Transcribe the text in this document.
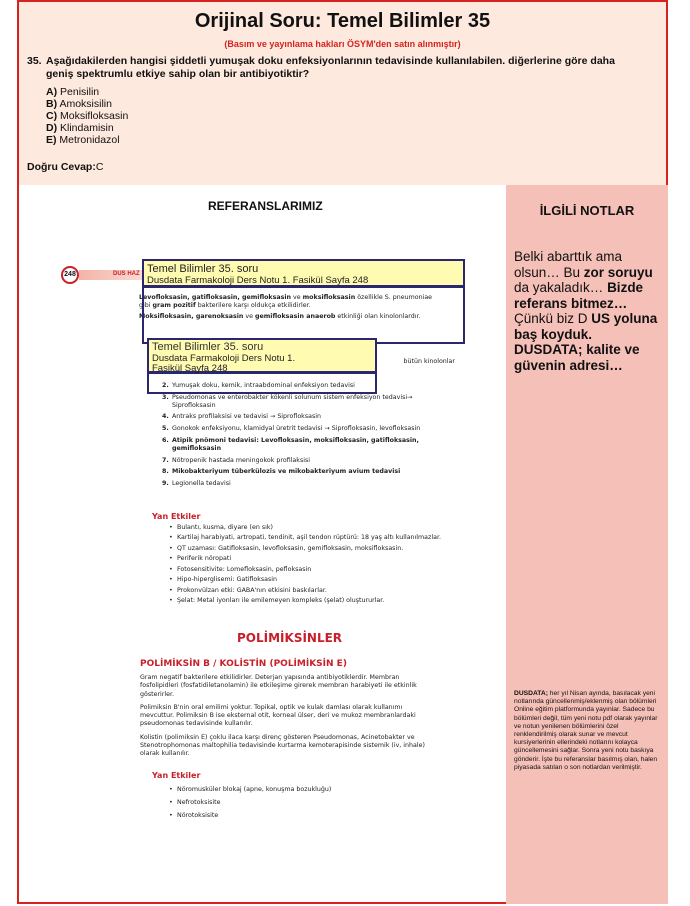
Orijinal Soru: Temel Bilimler 35
(Basım ve yayınlama hakları ÖSYM'den satın alınmıştır)
35. Aşağıdakilerden hangisi şiddetli yumuşak doku enfeksiyonlarının tedavisinde kullanılabilen. diğerlerine göre daha geniş spektrumlu etkiye sahip olan bir antibiyotiktir?
A) Penisilin
B) Amoksisilin
C) Moksifloksasin
D) Klindamisin
E) Metronidazol
Doğru Cevap:C
REFERANSLARIMIZ
DUS HAZ
248
Levofloksasin, gatifloksasin, gemifloksasin ve moksifloksasin özellikle S. pneumoniae gibi gram pozitif bakterilere karşı oldukça etkilidirler.
Moksifloksasin, garenoksasin ve gemifloksasin anaerob etkinliği olan kinolonlardır.
bütün kinolonlar
2. Yumuşak doku, kemik, intraabdominal enfeksiyon tedavisi
3. Pseudomonas ve enterobakter kökenli solunum sistem enfeksiyon tedavisi→ Siprofloksasin
4. Antraks profilaksisi ve tedavisi → Siprofloksasin
5. Gonokok enfeksiyonu, klamidyal üretrit tedavisi → Siprofloksasin, levofloksasin
6. Atipik pnömoni tedavisi: Levofloksasin, moksifloksasin, gatifloksasin, gemifloksasin
7. Nötropenik hastada meningokok profilaksisi
8. Mikobakteriyum tüberkülozis ve mikobakteriyum avium tedavisi
9. Legionella tedavisi
Yan Etkiler
• Bulantı, kusma, diyare (en sık)
• Kartilaj harabiyati, artropati, tendinit, aşil tendon rüptürü: 18 yaş altı kullanılmazlar.
• QT uzaması: Gatifloksasin, levofloksasin, gemifloksasin, moksifloksasin.
• Periferik nöropati
• Fotosensitivite: Lomefloksasin, pefloksasin
• Hipo-hiperglisemi: Gatifloksasin
• Prokonvülzan etki: GABA'nın etkisini baskılarlar.
• Şelat: Metal iyonları ile emilemeyen kompleks (şelat) oluştururlar.
POLİMİKSİNLER
POLİMİKSİN B / KOLİSTİN (POLİMİKSİN E)
Gram negatif bakterilere etkilidirler. Deterjan yapısında antibiyotiklerdir. Membran fosfolipidleri (fosfatidiletanolamin) ile etkileşime girerek membran harabiyeti ile etkinlik gösterirler.
Polimiksin B'nin oral emilimi yoktur. Topikal, optik ve kulak damlası olarak kullanımı mevcuttur. Polimiksin B ise eksternal otit, korneal ülser, deri ve mukoz membranlardaki pseudomonas tedavisinde kullanılır.
Kolistin (polimiksin E) çoklu ilaca karşı direnç gösteren Pseudomonas, Acinetobakter ve Stenotrophomonas maltophilia tedavisinde kurtarma kemoterapisinde sistemik (iv, inhale) olarak kullanılır.
Yan Etkiler
• Nöromusküler blokaj (apne, konuşma bozukluğu)
• Nefrotoksisite
• Nörotoksisite
Temel Bilimler 35. soru
Dusdata Farmakoloji Ders Notu 1. Fasikül Sayfa 248
Temel Bilimler 35. soru
Dusdata Farmakoloji Ders Notu 1.
Fasikül Sayfa 248
İLGİLİ NOTLAR
Belki abarttık ama olsun… Bu zor soruyu da yakaladık… Bizde referans bitmez… Çünkü biz D US yoluna baş koyduk. DUSDATA; kalite ve güvenin adresi…
DUSDATA; her yıl Nisan ayında, basılacak yeni notlarında güncellenmiş/eklenmiş olan bölümleri Online eğitim platformunda yayınlar. Sadece bu bölümleri değil, tüm yeni notu pdf olarak yayınlar ve notun yenilenen bölümlerini özel renklendirilmiş olarak sunar ve mevcut kursiyerlerinin ellerindeki notlarını kolayca güncellemesini sağlar. Sonra yeni notu baskıya gönderir. İşte bu referanslar basılmış olan, halen piyasada satılan o son notlardan verilmiştir.
